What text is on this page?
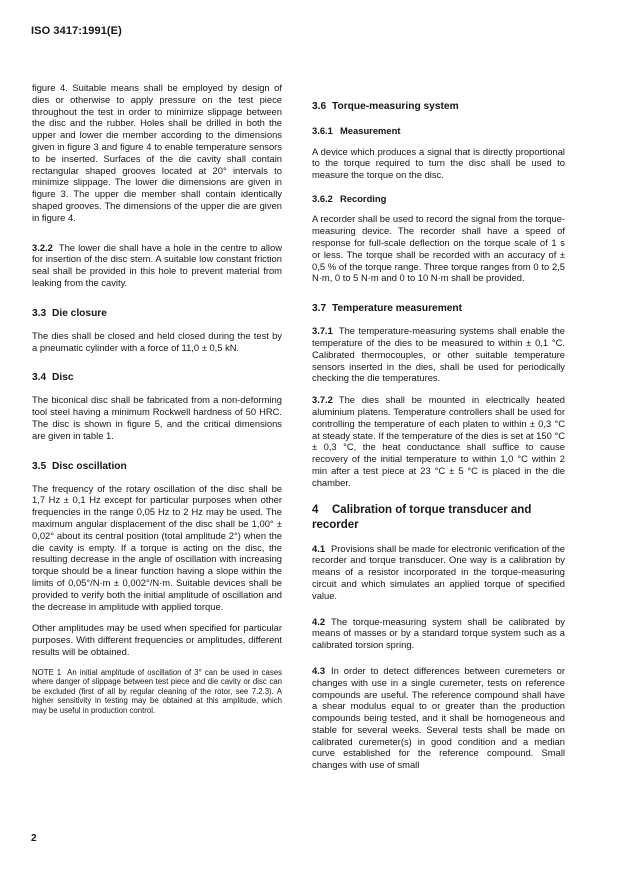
ISO 3417:1991(E)

figure 4. Suitable means shall be employed by design of dies or otherwise to apply pressure on the test piece throughout the test in order to minimize slippage between the disc and the rubber. Holes shall be drilled in both the upper and lower die member according to the dimensions given in figure 3 and figure 4 to enable temperature sensors to be inserted. Surfaces of the die cavity shall contain rectangular shaped grooves located at 20° intervals to minimize slippage. The lower die dimensions are given in figure 3. The upper die member shall contain identically shaped grooves. The dimensions of the upper die are given in figure 4.

3.2.2 The lower die shall have a hole in the centre to allow for insertion of the disc stem. A suitable low constant friction seal shall be provided in this hole to prevent material from leaking from the cavity.

3.3 Die closure

The dies shall be closed and held closed during the test by a pneumatic cylinder with a force of 11,0 ± 0,5 kN.

3.4 Disc

The biconical disc shall be fabricated from a non-deforming tool steel having a minimum Rockwell hardness of 50 HRC. The disc is shown in figure 5, and the critical dimensions are given in table 1.

3.5 Disc oscillation

The frequency of the rotary oscillation of the disc shall be 1,7 Hz ± 0,1 Hz except for particular purposes when other frequencies in the range 0,05 Hz to 2 Hz may be used. The maximum angular displacement of the disc shall be 1,00° ± 0,02° about its central position (total amplitude 2°) when the die cavity is empty. If a torque is acting on the disc, the resulting decrease in the angle of oscillation with increasing torque should be a linear function having a slope within the limits of 0,05°/N·m ± 0,002°/N·m. Suitable devices shall be provided to verify both the initial amplitude of oscillation and the decrease in amplitude with applied torque.

Other amplitudes may be used when specified for particular purposes. With different frequencies or amplitudes, different results will be obtained.

NOTE 1 An initial amplitude of oscillation of 3° can be used in cases where danger of slippage between test piece and die cavity or disc can be excluded (first of all by regular cleaning of the rotor, see 7.2.3). A higher sensitivity in testing may be obtained at this amplitude, which may be useful in production control.

3.6 Torque-measuring system
3.6.1 Measurement

A device which produces a signal that is directly proportional to the torque required to turn the disc shall be used to measure the torque on the disc.

3.6.2 Recording

A recorder shall be used to record the signal from the torque-measuring device. The recorder shall have a speed of response for full-scale deflection on the torque scale of 1 s or less. The torque shall be recorded with an accuracy of ± 0,5 % of the torque range. Three torque ranges from 0 to 2,5 N·m, 0 to 5 N·m and 0 to 10 N·m shall be provided.

3.7 Temperature measurement

3.7.1 The temperature-measuring systems shall enable the temperature of the dies to be measured to within ± 0,1 °C. Calibrated thermocouples, or other suitable temperature sensors inserted in the dies, shall be used for periodically checking the die temperatures.

3.7.2 The dies shall be mounted in electrically heated aluminium platens. Temperature controllers shall be used for controlling the temperature of each platen to within ± 0,3 °C at steady state. If the temperature of the dies is set at 150 °C ± 0,3 °C, the heat conductance shall suffice to cause recovery of the initial temperature to within 1,0 °C within 2 min after a test piece at 23 °C ± 5 °C is placed in the die chamber.

4 Calibration of torque transducer and recorder

4.1 Provisions shall be made for electronic verification of the recorder and torque transducer. One way is a calibration by means of a resistor incorporated in the torque-measuring circuit and which simulates an applied torque of specified value.

4.2 The torque-measuring system shall be calibrated by means of masses or by a standard torque system such as a calibrated torsion spring.

4.3 In order to detect differences between curemeters or changes with use in a single curemeter, tests on reference compounds are useful. The reference compound shall have a shear modulus equal to or greater than the production compounds being tested, and it shall be homogeneous and stable for several weeks. Several tests shall be made on calibrated curemeter(s) in good condition and a median curve established for the reference compound. Small changes with use of small

2
